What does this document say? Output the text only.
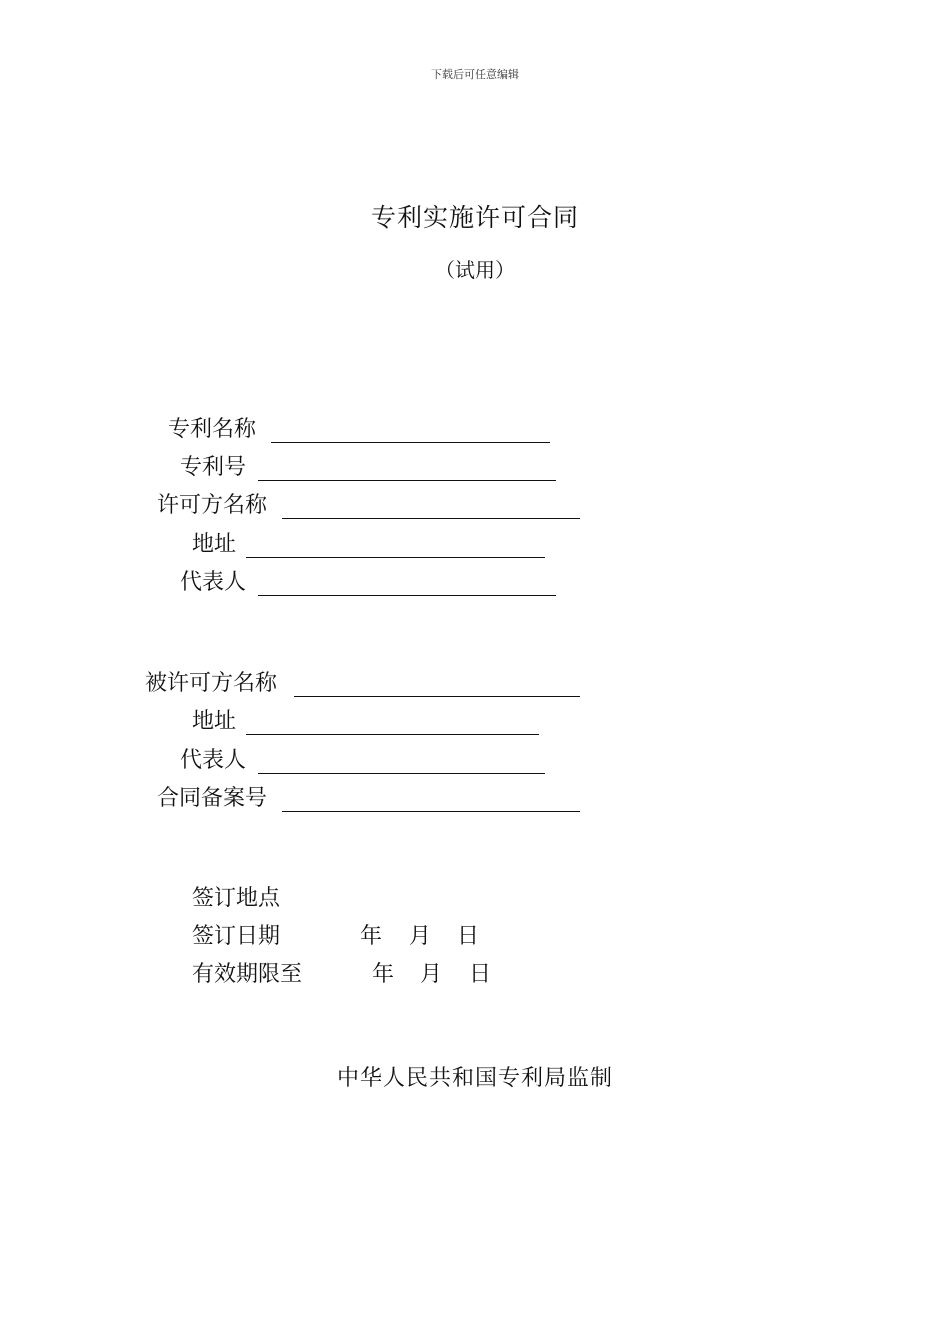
下载后可任意编辑
专利实施许可合同
（试用）
专利名称
专利号
许可方名称
地址
代表人
被许可方名称
地址
代表人
合同备案号
签订地点
签订日期	年 月 日
有效期限至	年 月 日
中华人民共和国专利局监制
